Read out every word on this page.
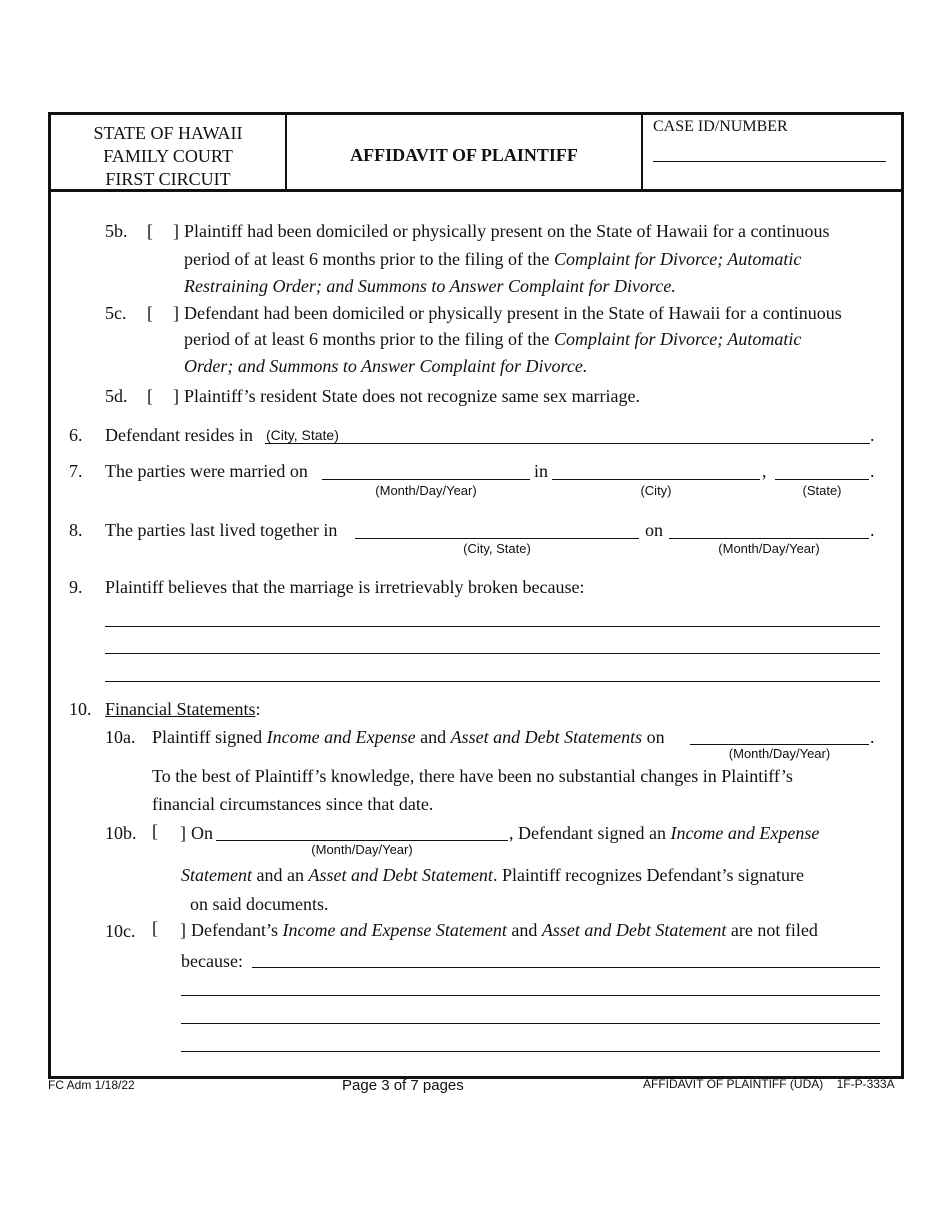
STATE OF HAWAII
FAMILY COURT
FIRST CIRCUIT
AFFIDAVIT OF PLAINTIFF
CASE ID/NUMBER
5b. [ ] Plaintiff had been domiciled or physically present on the State of Hawaii for a continuous
period of at least 6 months prior to the filing of the Complaint for Divorce; Automatic
Restraining Order; and Summons to Answer Complaint for Divorce.
5c. [ ] Defendant had been domiciled or physically present in the State of Hawaii for a continuous
period of at least 6 months prior to the filing of the Complaint for Divorce; Automatic
Order; and Summons to Answer Complaint for Divorce.
5d. [ ] Plaintiff’s resident State does not recognize same sex marriage.
6. Defendant resides in (City, State)	.
7. The parties were married on	in	,	.
(Month/Day/Year)	(City)	(State)
8. The parties last lived together in	on	.
(City, State)	(Month/Day/Year)
9. Plaintiff believes that the marriage is irretrievably broken because:
10. Financial Statements:
10a. Plaintiff signed Income and Expense and Asset and Debt Statements on	.
(Month/Day/Year)
To the best of Plaintiff’s knowledge, there have been no substantial changes in Plaintiff’s
financial circumstances since that date.
10b. [ ] On
(Month/Day/Year)
, Defendant signed an Income and Expense
Statement and an Asset and Debt Statement. Plaintiff recognizes Defendant’s signature
on said documents.
10c. [ ] Defendant’s Income and Expense Statement and Asset and Debt Statement are not filed
because:
FC Adm 1/18/22	Page 3 of 7 pages	AFFIDAVIT OF PLAINTIFF (UDA)    1F-P-333A
